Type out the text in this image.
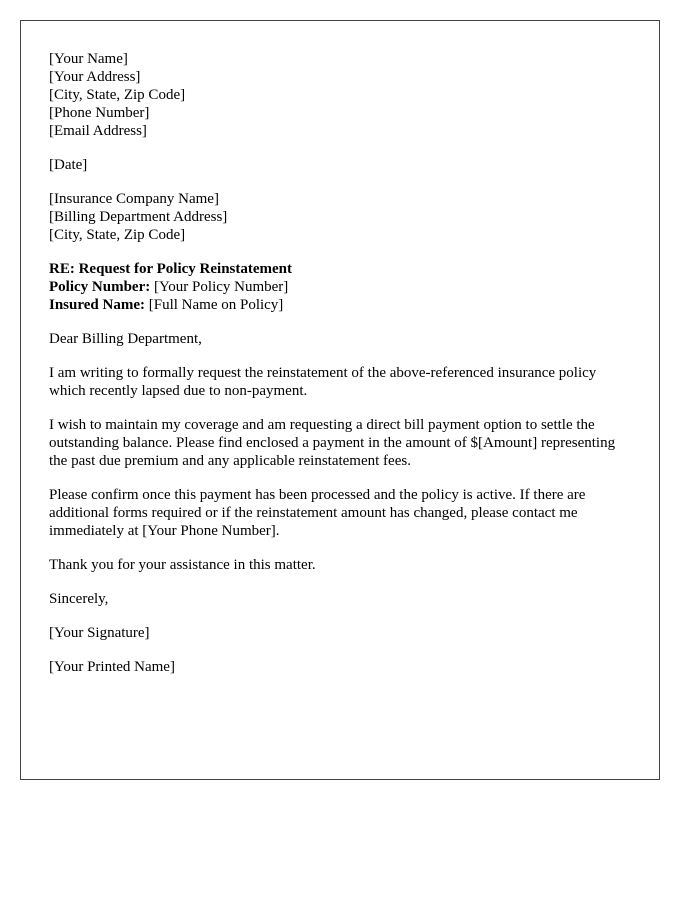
[Your Name]
[Your Address]
[City, State, Zip Code]
[Phone Number]
[Email Address]
[Date]
[Insurance Company Name]
[Billing Department Address]
[City, State, Zip Code]
RE: Request for Policy Reinstatement
Policy Number: [Your Policy Number]
Insured Name: [Full Name on Policy]

Dear Billing Department,

I am writing to formally request the reinstatement of the above-referenced insurance policy which recently lapsed due to non-payment.

I wish to maintain my coverage and am requesting a direct bill payment option to settle the outstanding balance. Please find enclosed a payment in the amount of $[Amount] representing the past due premium and any applicable reinstatement fees.

Please confirm once this payment has been processed and the policy is active. If there are additional forms required or if the reinstatement amount has changed, please contact me immediately at [Your Phone Number].

Thank you for your assistance in this matter.

Sincerely,

[Your Signature]

[Your Printed Name]
